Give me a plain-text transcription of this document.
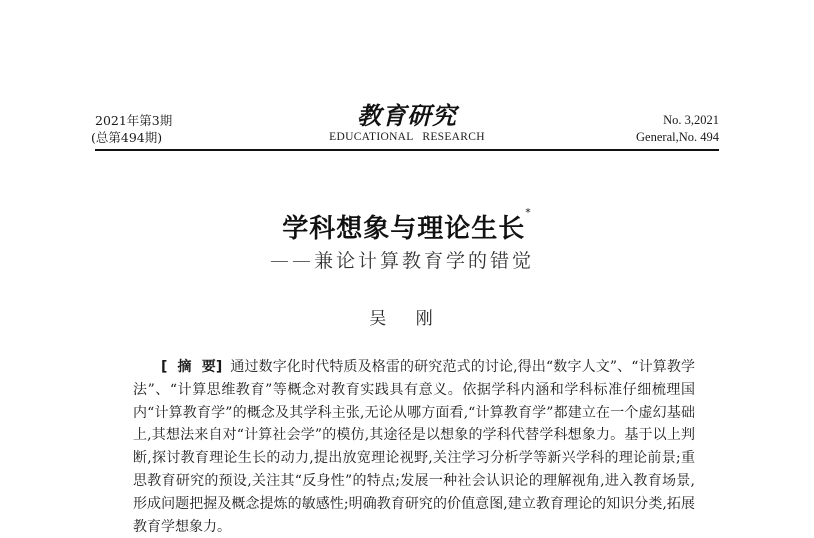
2021年第3期
(总第494期)
教育研究
EDUCATIONAL RESEARCH
No. 3,2021
General,No. 494
学科想象与理论生长*
——兼论计算教育学的错觉
吴 刚
[摘要] 通过数字化时代特质及格雷的研究范式的讨论,得出“数字人文”、“计算教学法”、“计算思维教育”等概念对教育实践具有意义。依据学科内涵和学科标准仔细梳理国内“计算教育学”的概念及其学科主张,无论从哪方面看,“计算教育学”都建立在一个虚幻基础上,其想法来自对“计算社会学”的模仿,其途径是以想象的学科代替学科想象力。基于以上判断,探讨教育理论生长的动力,提出放宽理论视野,关注学习分析学等新兴学科的理论前景;重思教育研究的预设,关注其“反身性”的特点;发展一种社会认识论的理解视角,进入教育场景,形成问题把握及概念提炼的敏感性;明确教育研究的价值意图,建立教育理论的知识分类,拓展教育学想象力。
